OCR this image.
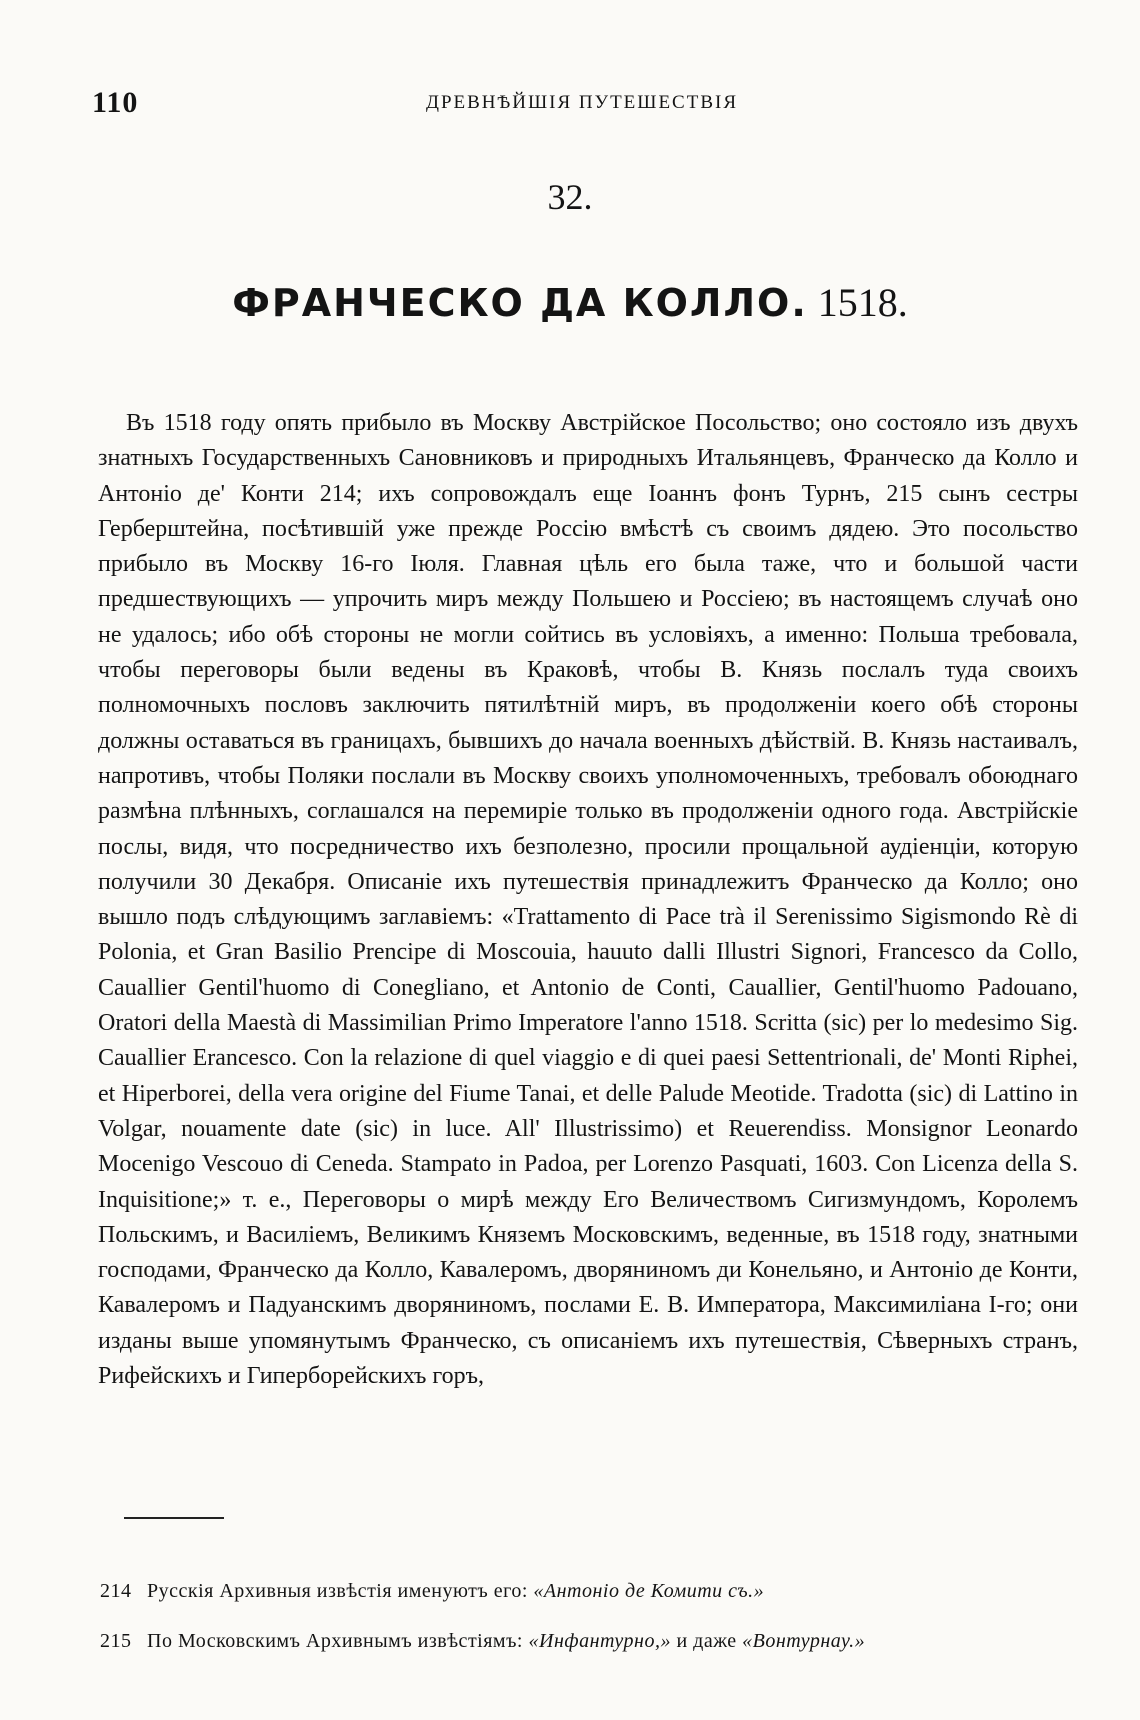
110	ДРЕВНѢЙШІЯ ПУТЕШЕСТВІЯ
32.
ФРАНЧЕСКО ДА КОЛЛО. 1518.

Въ 1518 году опять прибыло въ Москву Австрійское Посольство; оно состояло изъ двухъ знатныхъ Государственныхъ Сановниковъ и природныхъ Итальянцевъ, Франческо да Колло и Антоніо де' Конти 214; ихъ сопровождалъ еще Іоаннъ фонъ Турнъ, 215 сынъ сестры Герберштейна, посѣтившій уже прежде Россію вмѣстѣ съ своимъ дядею. Это посольство прибыло въ Москву 16-го Іюля. Главная цѣль его была таже, что и большой части предшествующихъ — упрочить миръ между Польшею и Россіею; въ настоящемъ случаѣ оно не удалось; ибо обѣ стороны не могли сойтись въ условіяхъ, а именно: Польша требовала, чтобы переговоры были ведены въ Краковѣ, чтобы В. Князь послалъ туда своихъ полномочныхъ пословъ заключить пятилѣтній миръ, въ продолженіи коего обѣ стороны должны оставаться въ границахъ, бывшихъ до начала военныхъ дѣйствій. В. Князь настаивалъ, напротивъ, чтобы Поляки послали въ Москву своихъ уполномоченныхъ, требовалъ обоюднаго размѣна плѣнныхъ, соглашался на перемиріе только въ продолженіи одного года. Австрійскіе послы, видя, что посредничество ихъ безполезно, просили прощальной аудіенціи, которую получили 30 Декабря. Описаніе ихъ путешествія принадлежитъ Франческо да Колло; оно вышло подъ слѣдующимъ заглавіемъ: «Trattamento di Pace trà il Serenissimo Sigismondo Rè di Polonia, et Gran Basilio Prencipe di Moscouia, hauuto dalli Illustri Signori, Francesco da Collo, Cauallier Gentil'huomo di Conegliano, et Antonio de Conti, Cauallier, Gentil'huomo Padouano, Oratori della Maestà di Massimilian Primo Imperatore l'anno 1518. Scritta (sic) per lo medesimo Sig. Cauallier Erancesco. Con la relazione di quel viaggio e di quei paesi Settentrionali, de' Monti Riphei, et Hiperborei, della vera origine del Fiume Tanai, et delle Palude Meotide. Tradotta (sic) di Lattino in Volgar, nouamente date (sic) in luce. All' Illustrissimo) et Reuerendiss. Monsignor Leonardo Mocenigo Vescouo di Ceneda. Stampato in Padoa, per Lorenzo Pasquati, 1603. Con Licenza della S. Inquisitione;» т. е., Переговоры о мирѣ между Его Величествомъ Сигизмундомъ, Королемъ Польскимъ, и Василіемъ, Великимъ Княземъ Московскимъ, веденные, въ 1518 году, знатными господами, Франческо да Колло, Кавалеромъ, дворяниномъ ди Конельяно, и Антоніо де Конти, Кавалеромъ и Падуанскимъ дворяниномъ, послами Е. В. Императора, Максимиліана І-го; они изданы выше упомянутымъ Франческо, съ описаніемъ ихъ путешествія, Сѣверныхъ странъ, Рифейскихъ и Гиперборейскихъ горъ,

214 Русскія Архивныя извѣстія именуютъ его: «Антоніо де Комити съ.»
215 По Московскимъ Архивнымъ извѣстіямъ: «Инфантурно,» и даже «Вонтурнау.»
